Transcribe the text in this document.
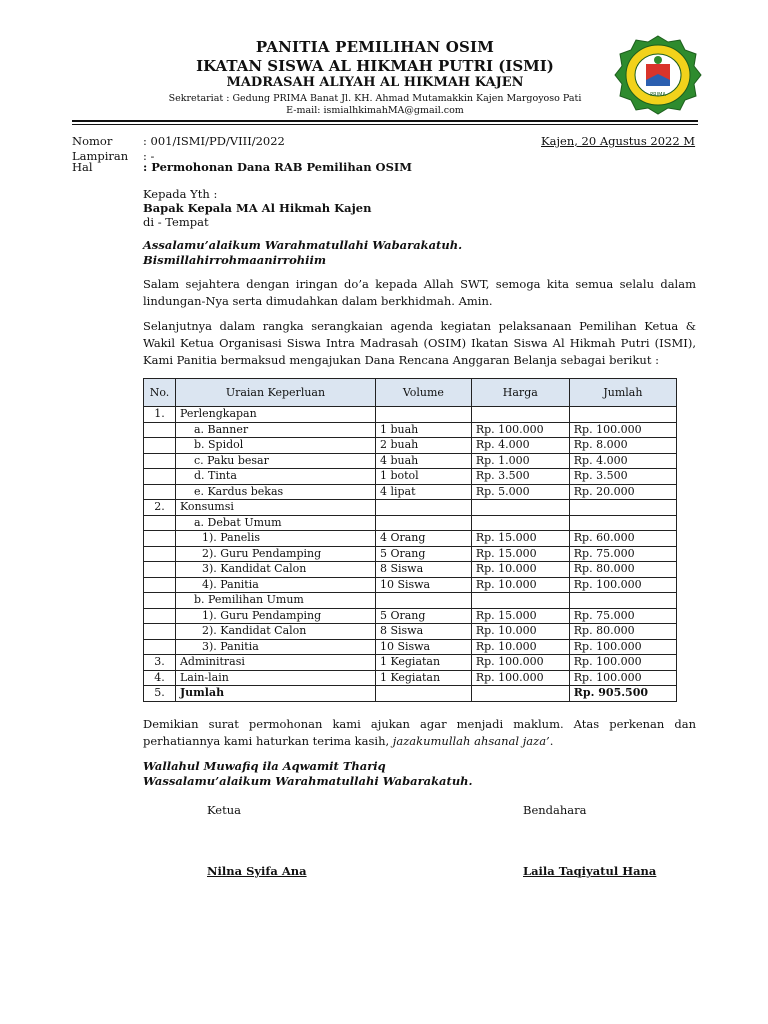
PANITIA PEMILIHAN OSIM
IKATAN SISWA AL HIKMAH PUTRI (ISMI)
MADRASAH ALIYAH AL HIKMAH KAJEN
Sekretariat : Gedung PRIMA Banat Jl. KH. Ahmad Mutamakkin Kajen Margoyoso Pati
E-mail: ismialhkimahMA@gmail.com
PRIMA
Nomor	: 001/ISMI/PD/VIII/2022	Kajen, 20 Agustus 2022 M
Lampiran : -
Hal	: Permohonan Dana RAB Pemilihan OSIM
Kepada Yth :
Bapak Kepala MA Al Hikmah Kajen
di - Tempat
Assalamu’alaikum Warahmatullahi Wabarakatuh.
Bismillahirrohmaanirrohiim
Salam sejahtera dengan iringan do’a kepada Allah SWT, semoga kita semua selalu dalam lindungan-Nya serta dimudahkan dalam berkhidmah. Amin.
Selanjutnya dalam rangka serangkaian agenda kegiatan pelaksanaan Pemilihan Ketua & Wakil Ketua Organisasi Siswa Intra Madrasah (OSIM) Ikatan Siswa Al Hikmah Putri (ISMI), Kami Panitia bermaksud mengajukan Dana Rencana Anggaran Belanja sebagai berikut :
No.	Uraian Keperluan	Volume	Harga	Jumlah
1.	Perlengkapan			
	a. Banner	1 buah	Rp. 100.000	Rp. 100.000
	b. Spidol	2 buah	Rp. 4.000	Rp. 8.000
	c. Paku besar	4 buah	Rp. 1.000	Rp. 4.000
	d. Tinta	1 botol	Rp. 3.500	Rp. 3.500
	e. Kardus bekas	4 lipat	Rp. 5.000	Rp. 20.000
2.	Konsumsi			
	a. Debat Umum			
	1). Panelis	4 Orang	Rp. 15.000	Rp. 60.000
	2). Guru Pendamping	5 Orang	Rp. 15.000	Rp. 75.000
	3). Kandidat Calon	8 Siswa	Rp. 10.000	Rp. 80.000
	4). Panitia	10 Siswa	Rp. 10.000	Rp. 100.000
	b. Pemilihan Umum			
	1). Guru Pendamping	5 Orang	Rp. 15.000	Rp. 75.000
	2). Kandidat Calon	8 Siswa	Rp. 10.000	Rp. 80.000
	3). Panitia	10 Siswa	Rp. 10.000	Rp. 100.000
3.	Adminitrasi	1 Kegiatan	Rp. 100.000	Rp. 100.000
4.	Lain-lain	1 Kegiatan	Rp. 100.000	Rp. 100.000
5.	Jumlah			Rp. 905.500
Demikian surat permohonan kami ajukan agar menjadi maklum. Atas perkenan dan perhatiannya kami haturkan terima kasih, jazakumullah ahsanal jaza’.
Wallahul Muwafiq ila Aqwamit Thariq
Wassalamu’alaikum Warahmatullahi Wabarakatuh.
Ketua	Bendahara
Nilna Syifa Ana	Laila Taqiyatul Hana
